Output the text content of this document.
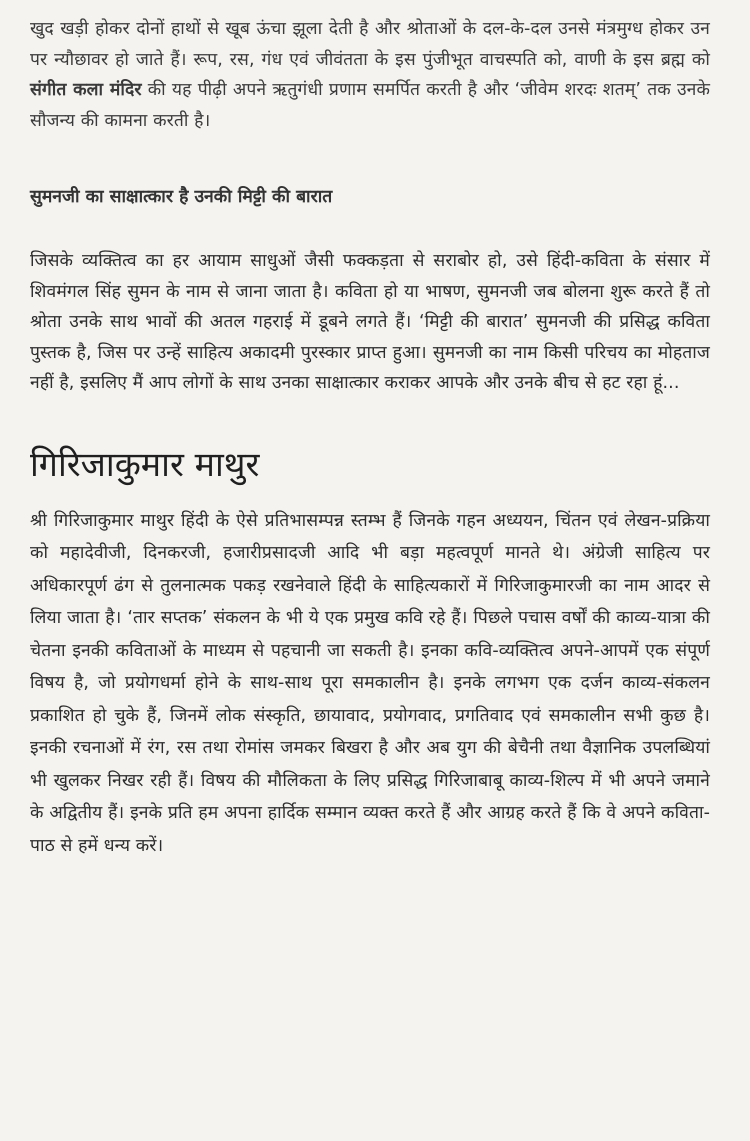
खुद खड़ी होकर दोनों हाथों से खूब ऊंचा झूला देती है और श्रोताओं के दल-के-दल उनसे मंत्रमुग्ध होकर उन पर न्यौछावर हो जाते हैं। रूप, रस, गंध एवं जीवंतता के इस पुंजीभूत वाचस्पति को, वाणी के इस ब्रह्म को संगीत कला मंदिर की यह पीढ़ी अपने ऋतुगंधी प्रणाम समर्पित करती है और ‘जीवेम शरदः शतम्’ तक उनके सौजन्य की कामना करती है।

सुमनजी का साक्षात्कार है उनकी मिट्टी की बारात

जिसके व्यक्तित्व का हर आयाम साधुओं जैसी फक्कड़ता से सराबोर हो, उसे हिंदी-कविता के संसार में शिवमंगल सिंह सुमन के नाम से जाना जाता है। कविता हो या भाषण, सुमनजी जब बोलना शुरू करते हैं तो श्रोता उनके साथ भावों की अतल गहराई में डूबने लगते हैं। ‘मिट्टी की बारात’ सुमनजी की प्रसिद्ध कविता पुस्तक है, जिस पर उन्हें साहित्य अकादमी पुरस्कार प्राप्त हुआ। सुमनजी का नाम किसी परिचय का मोहताज नहीं है, इसलिए मैं आप लोगों के साथ उनका साक्षात्कार कराकर आपके और उनके बीच से हट रहा हूं...

गिरिजाकुमार माथुर

श्री गिरिजाकुमार माथुर हिंदी के ऐसे प्रतिभासम्पन्न स्तम्भ हैं जिनके गहन अध्ययन, चिंतन एवं लेखन-प्रक्रिया को महादेवीजी, दिनकरजी, हजारीप्रसादजी आदि भी बड़ा महत्वपूर्ण मानते थे। अंग्रेजी साहित्य पर अधिकारपूर्ण ढंग से तुलनात्मक पकड़ रखनेवाले हिंदी के साहित्यकारों में गिरिजाकुमारजी का नाम आदर से लिया जाता है। ‘तार सप्तक’ संकलन के भी ये एक प्रमुख कवि रहे हैं। पिछले पचास वर्षों की काव्य-यात्रा की चेतना इनकी कविताओं के माध्यम से पहचानी जा सकती है। इनका कवि-व्यक्तित्व अपने-आपमें एक संपूर्ण विषय है, जो प्रयोगधर्मा होने के साथ-साथ पूरा समकालीन है। इनके लगभग एक दर्जन काव्य-संकलन प्रकाशित हो चुके हैं, जिनमें लोक संस्कृति, छायावाद, प्रयोगवाद, प्रगतिवाद एवं समकालीन सभी कुछ है। इनकी रचनाओं में रंग, रस तथा रोमांस जमकर बिखरा है और अब युग की बेचैनी तथा वैज्ञानिक उपलब्धियां भी खुलकर निखर रही हैं। विषय की मौलिकता के लिए प्रसिद्ध गिरिजाबाबू काव्य-शिल्प में भी अपने जमाने के अद्वितीय हैं। इनके प्रति हम अपना हार्दिक सम्मान व्यक्त करते हैं और आग्रह करते हैं कि वे अपने कविता-पाठ से हमें धन्य करें।
